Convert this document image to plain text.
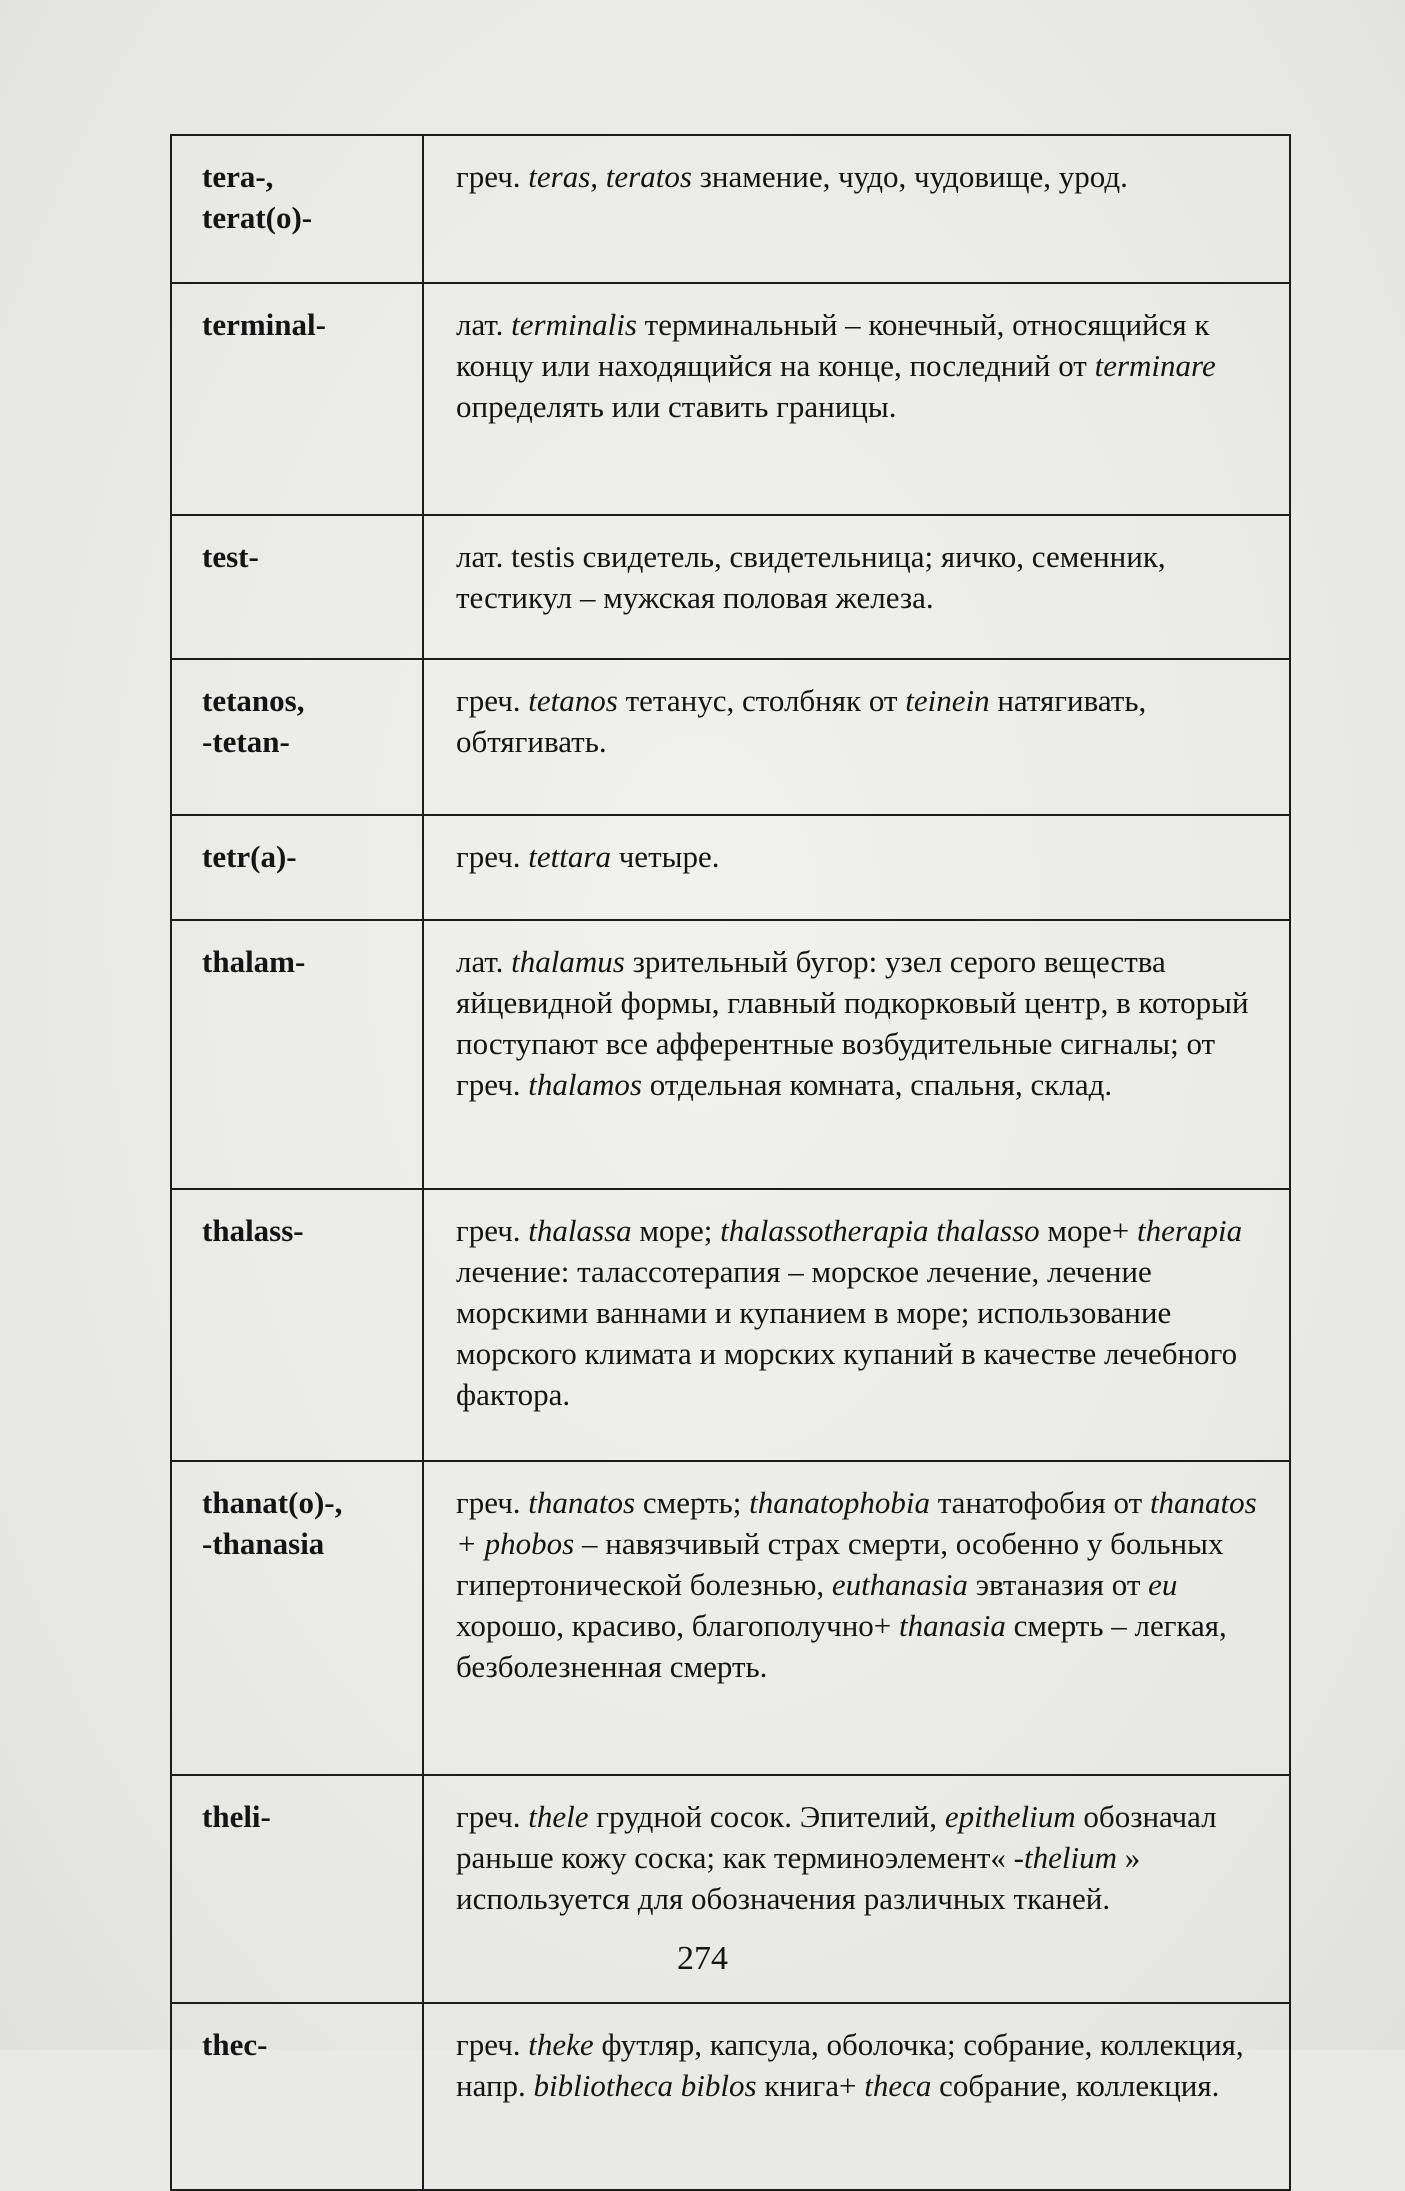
tera-,
terat(o)-	греч. teras, teratos знамение, чудо, чудовище, урод.

terminal-	лат. terminalis терминальный – конечный, относящийся к концу или находящийся на конце, последний от terminare определять или ставить границы.

test-	лат. testis свидетель, свидетельница; яичко, семенник, тестикул – мужская половая железа.

tetanos,
-tetan-	греч. tetanos тетанус, столбняк от teinein натягивать, обтягивать.

tetr(a)-	греч. tettara четыре.

thalam-	лат. thalamus зрительный бугор: узел серого вещества яйцевидной формы, главный подкорковый центр, в который поступают все афферентные возбудительные сигналы; от греч. thalamos отдельная комната, спальня, склад.

thalass-	греч. thalassa море; thalassotherapia thalasso море+ therapia лечение: талассотерапия – морское лечение, лечение морскими ваннами и купанием в море; использование морского климата и морских купаний в качестве лечебного фактора.

thanat(o)-,
-thanasia	греч. thanatos смерть; thanatophobia танатофобия от thanatos + phobos – навязчивый страх смерти, особенно у больных гипертонической болезнью, euthanasia эвтаназия от eu хорошо, красиво, благополучно+ thanasia смерть – легкая, безболезненная смерть.

theli-	греч. thele грудной сосок. Эпителий, epithelium обозначал раньше кожу соска; как терминоэлемент« -thelium » используется для обозначения различных тканей.

thec-	греч. theke футляр, капсула, оболочка; собрание, коллекция, напр. bibliotheca biblos книга+ theca собрание, коллекция.
274
